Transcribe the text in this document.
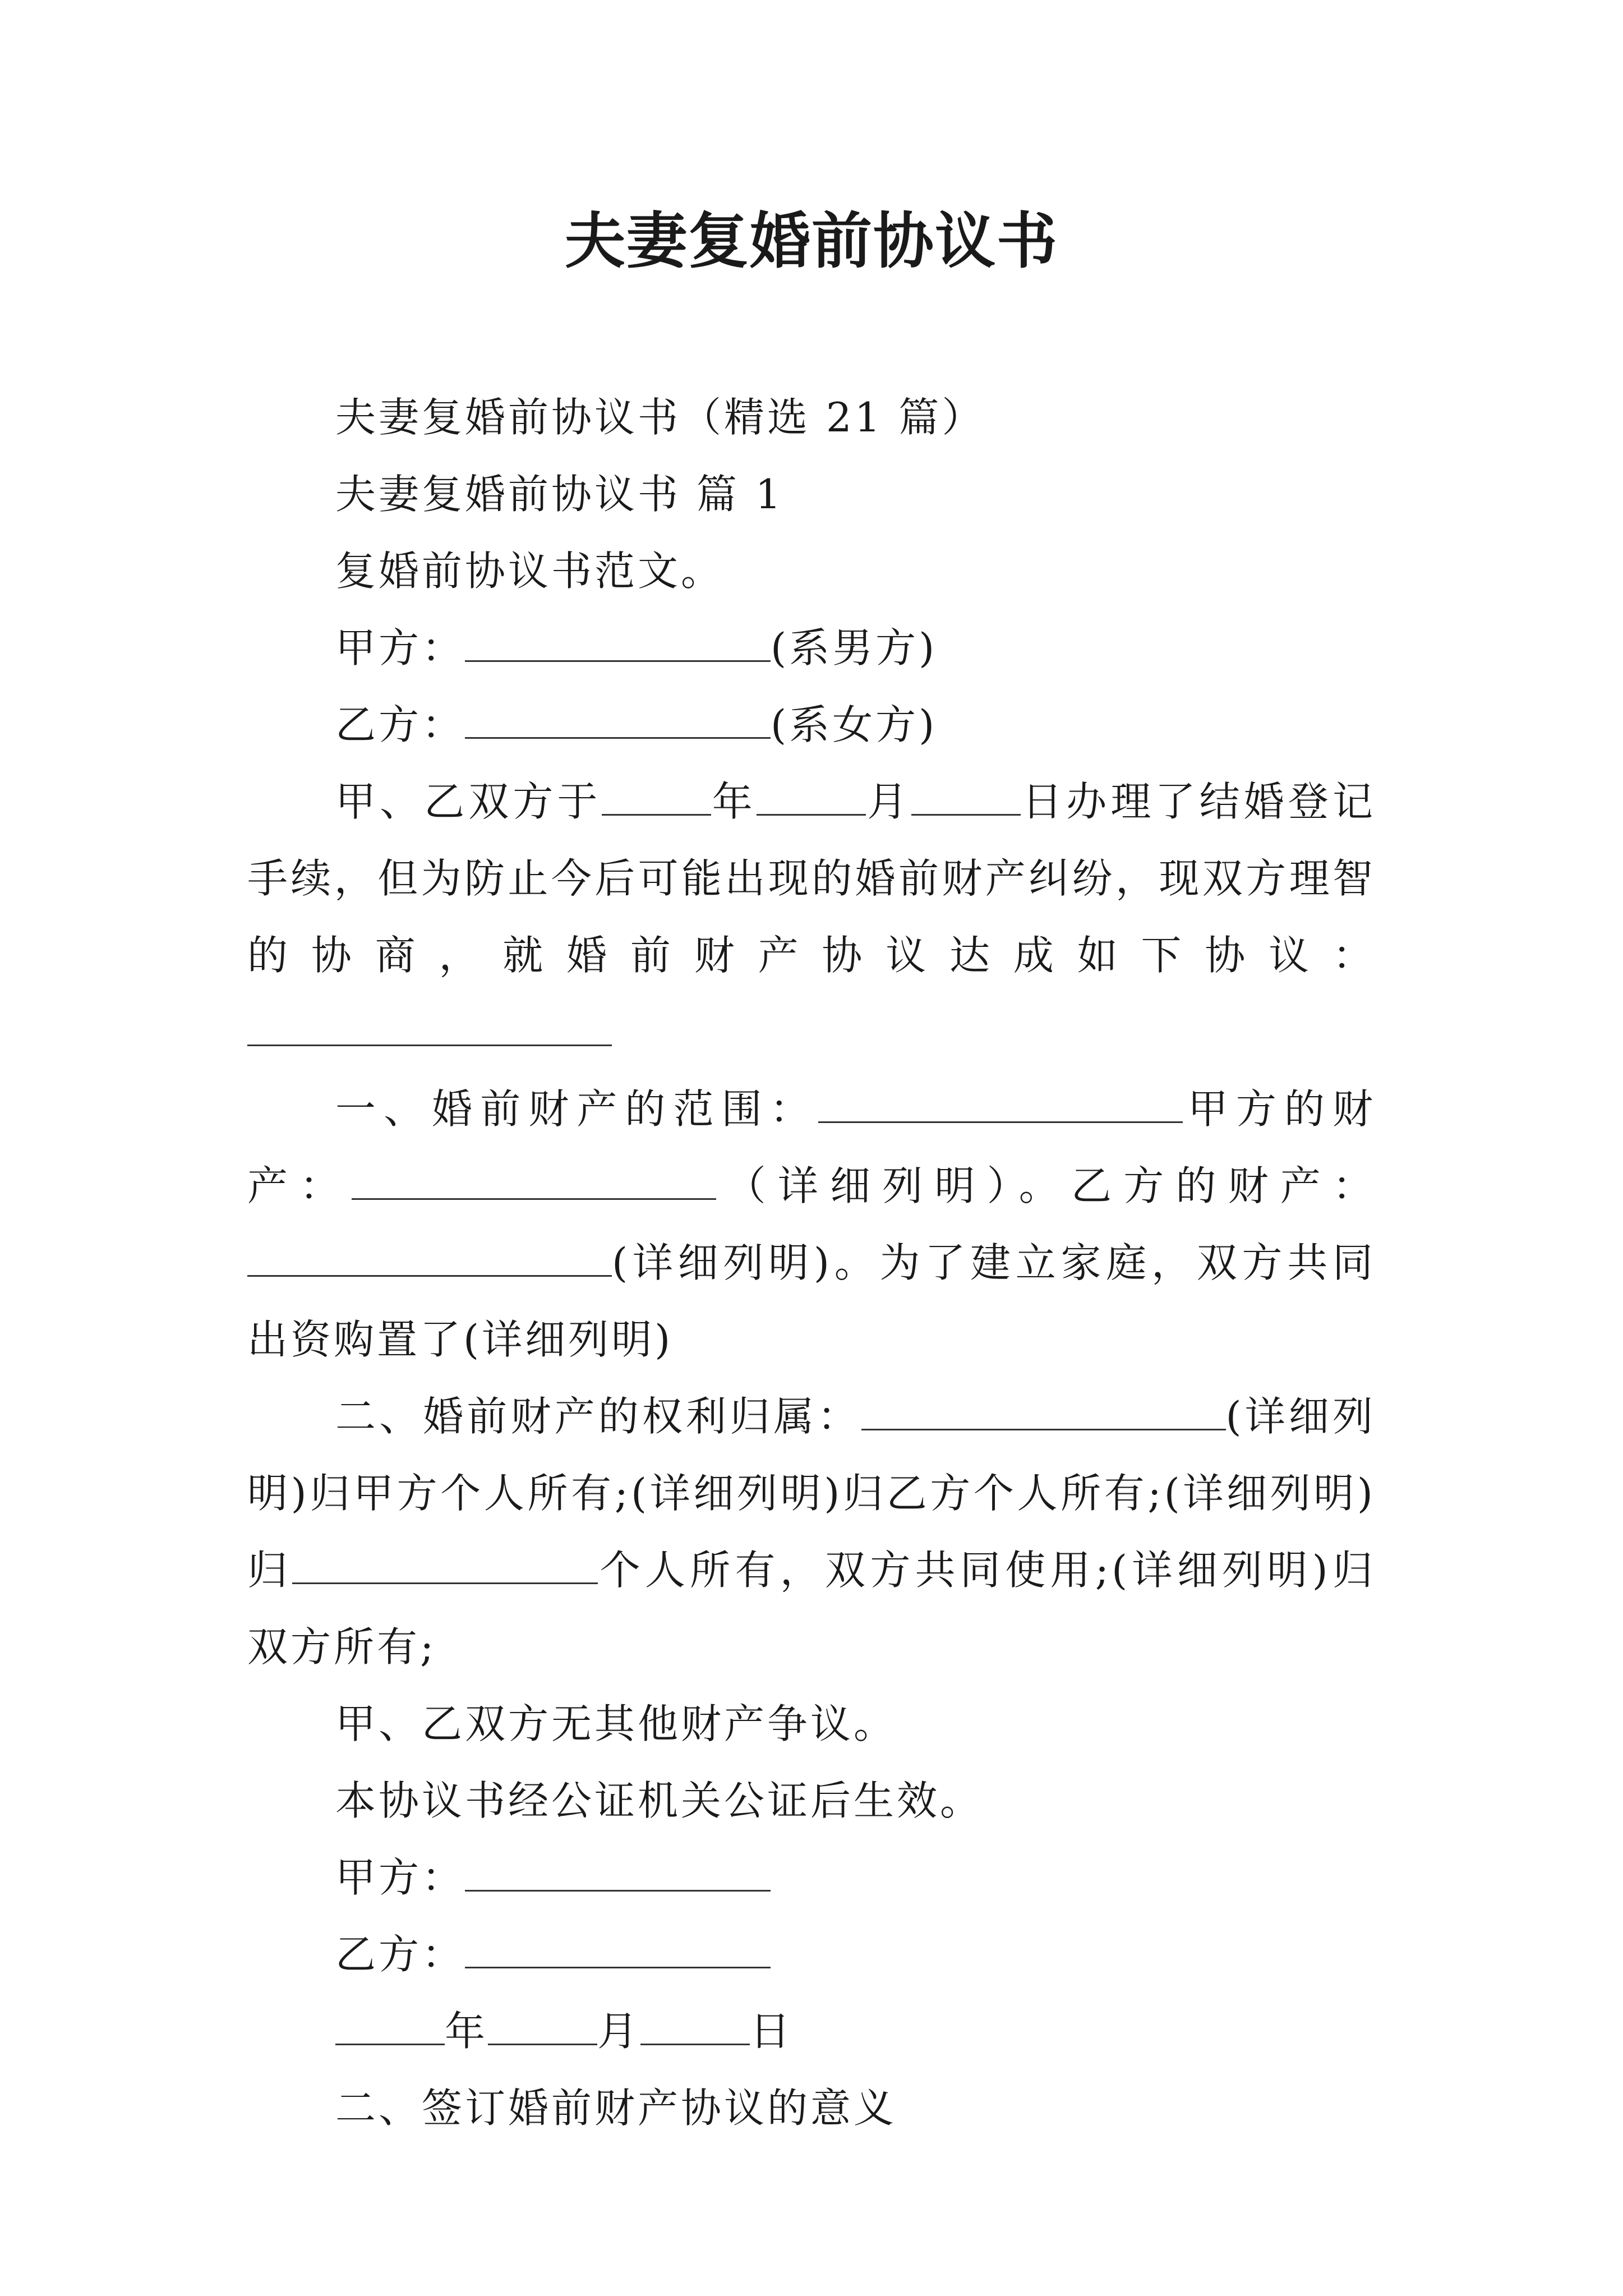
夫妻复婚前协议书

夫妻复婚前协议书（精选 21 篇）

夫妻复婚前协议书 篇 1

复婚前协议书范文。

甲方：	(系男方)

乙方：	(系女方)

甲、乙双方于	年	月	日办理了结婚登记手续，但为防止今后可能出现的婚前财产纠纷，现双方理智的协商，就婚前财产协议达成如下协议：

一、婚前财产的范围：	甲方的财产：	（详细列明）。乙方的财产：(详细列明)。为了建立家庭，双方共同出资购置了(详细列明)

二、婚前财产的权利归属：	(详细列明)归甲方个人所有;(详细列明)归乙方个人所有;(详细列明)归	个人所有，双方共同使用;(详细列明)归双方所有;

甲、乙双方无其他财产争议。

本协议书经公证机关公证后生效。

甲方：

乙方：

年	月	日

二、签订婚前财产协议的意义
